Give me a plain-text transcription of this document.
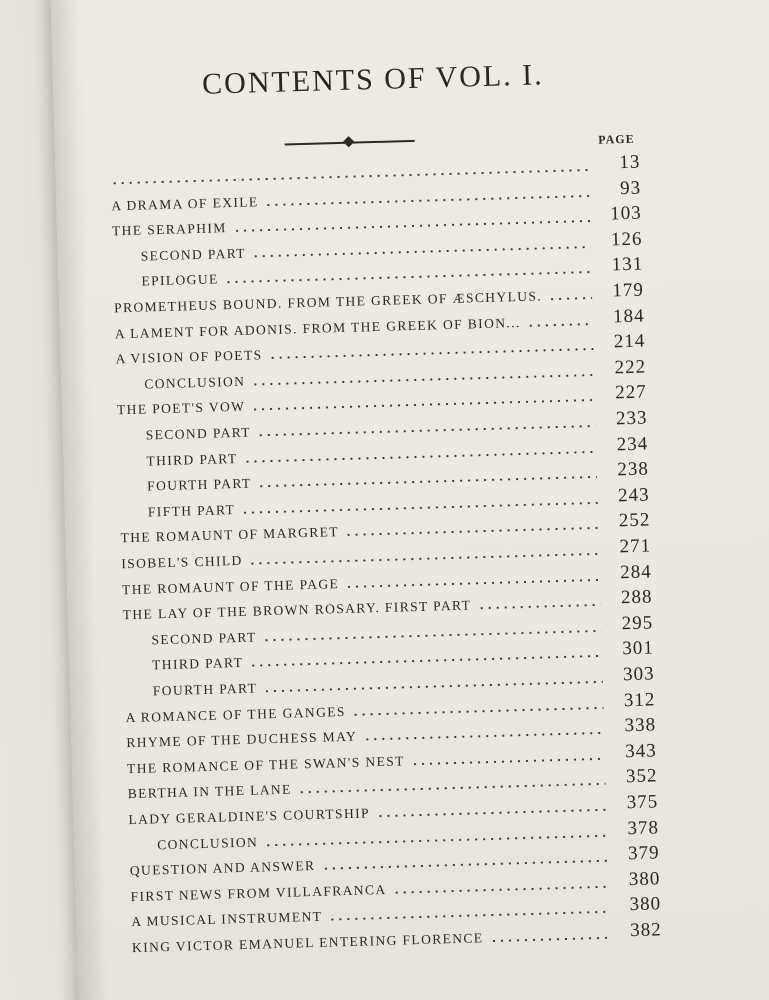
CONTENTS OF VOL. I.
PAGE
13
A DRAMA OF EXILE
93
THE SERAPHIM
103
SECOND PART
126
EPILOGUE
131
PROMETHEUS BOUND. FROM THE GREEK OF ÆSCHYLUS.	179
A LAMENT FOR ADONIS. FROM THE GREEK OF BION...	184
A VISION OF POETS
214
CONCLUSION
222
THE POET'S VOW
227
SECOND PART
233
THIRD PART
234
FOURTH PART
238
FIFTH PART
243
THE ROMAUNT OF MARGRET
252
ISOBEL'S CHILD
271
THE ROMAUNT OF THE PAGE
284
THE LAY OF THE BROWN ROSARY. FIRST PART
288
SECOND PART
295
THIRD PART
301
FOURTH PART
303
A ROMANCE OF THE GANGES
312
RHYME OF THE DUCHESS MAY
338
THE ROMANCE OF THE SWAN'S NEST
343
BERTHA IN THE LANE
352
LADY GERALDINE'S COURTSHIP
375
CONCLUSION
378
QUESTION AND ANSWER
379
FIRST NEWS FROM VILLAFRANCA
380
A MUSICAL INSTRUMENT
380
KING VICTOR EMANUEL ENTERING FLORENCE
382
